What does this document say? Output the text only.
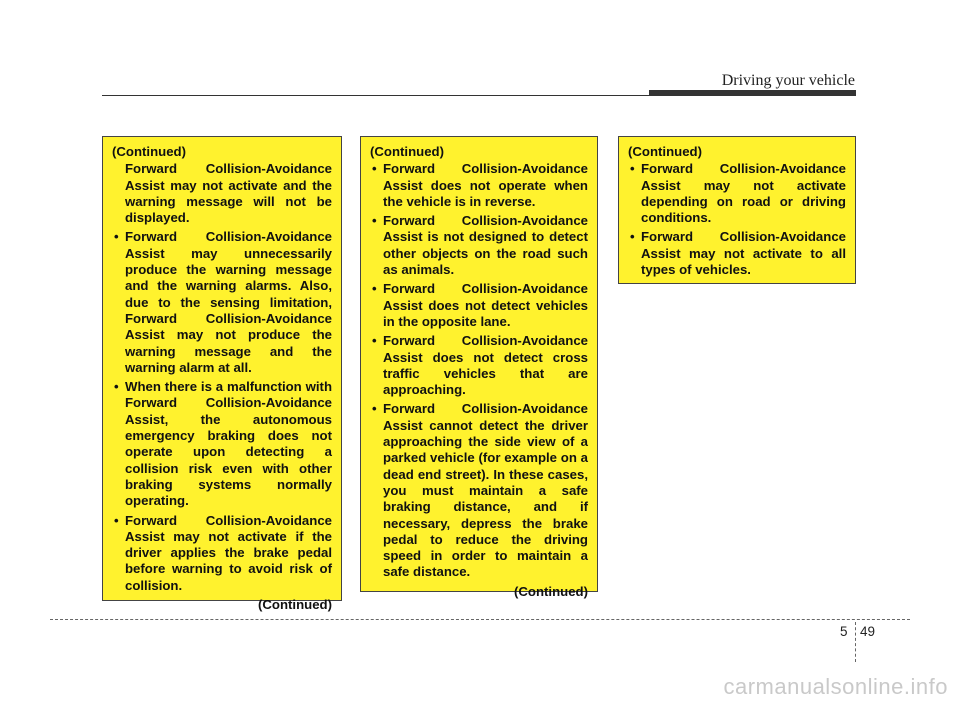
Driving your vehicle
(Continued)
Forward Collision-Avoidance Assist may not activate and the warning message will not be displayed.
• Forward Collision-Avoidance Assist may unnecessarily produce the warning message and the warning alarms. Also, due to the sensing limitation, Forward Collision-Avoidance Assist may not produce the warning message and the warning alarm at all.
• When there is a malfunction with Forward Collision-Avoidance Assist, the autonomous emergency braking does not operate upon detecting a collision risk even with other braking systems normally operating.
• Forward Collision-Avoidance Assist may not activate if the driver applies the brake pedal before warning to avoid risk of collision.
(Continued)
(Continued)
• Forward Collision-Avoidance Assist does not operate when the vehicle is in reverse.
• Forward Collision-Avoidance Assist is not designed to detect other objects on the road such as animals.
• Forward Collision-Avoidance Assist does not detect vehicles in the opposite lane.
• Forward Collision-Avoidance Assist does not detect cross traffic vehicles that are approaching.
• Forward Collision-Avoidance Assist cannot detect the driver approaching the side view of a parked vehicle (for example on a dead end street). In these cases, you must maintain a safe braking distance, and if necessary, depress the brake pedal to reduce the driving speed in order to maintain a safe distance.
(Continued)
(Continued)
• Forward Collision-Avoidance Assist may not activate depending on road or driving conditions.
• Forward Collision-Avoidance Assist may not activate to all types of vehicles.
5 49
carmanualsonline.info
